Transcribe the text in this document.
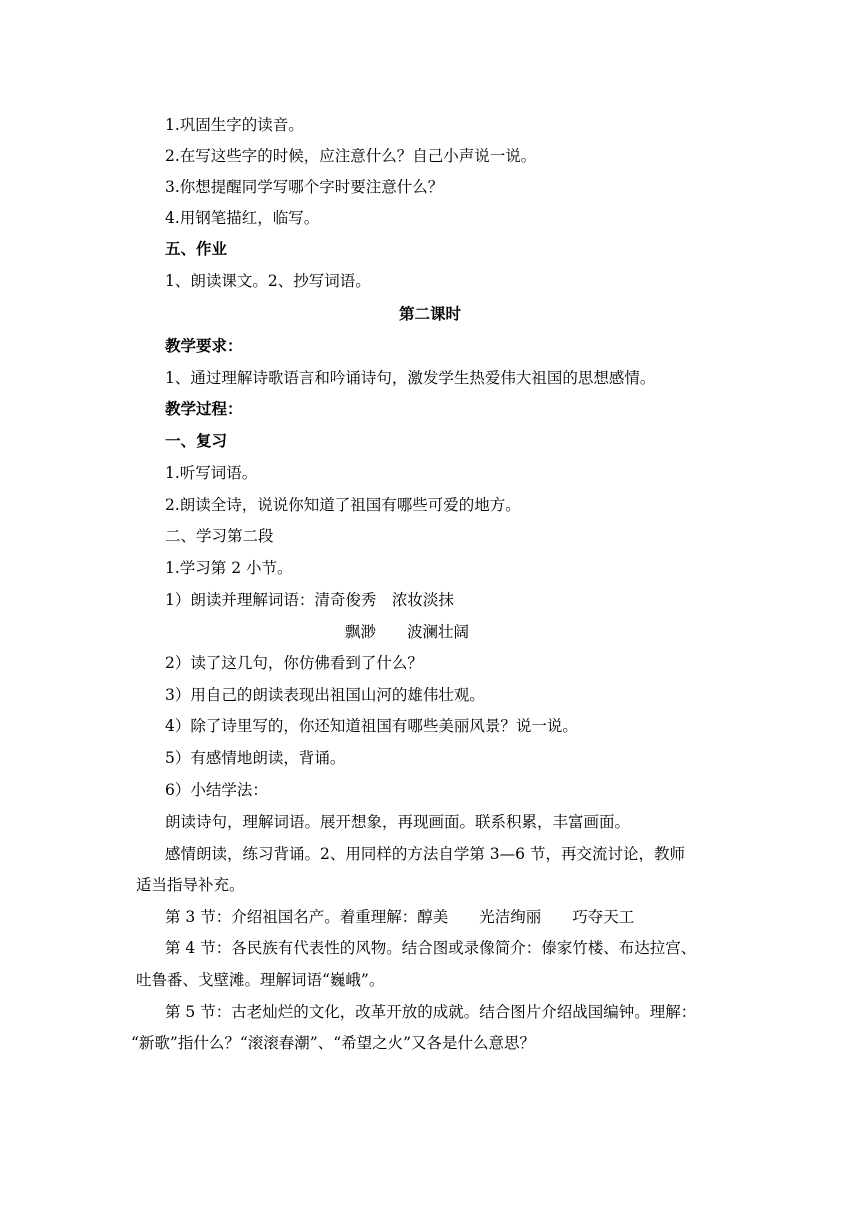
1.巩固生字的读音。
2.在写这些字的时候，应注意什么？自己小声说一说。
3.你想提醒同学写哪个字时要注意什么？
4.用钢笔描红，临写。
五、作业
1、朗读课文。2、抄写词语。
第二课时
教学要求：
1、通过理解诗歌语言和吟诵诗句，激发学生热爱伟大祖国的思想感情。
教学过程：
一、复习
1.听写词语。
2.朗读全诗，说说你知道了祖国有哪些可爱的地方。
二、学习第二段
1.学习第 2 小节。
1）朗读并理解词语：清奇俊秀　浓妆淡抹
飘渺　　波澜壮阔
2）读了这几句，你仿佛看到了什么？
3）用自己的朗读表现出祖国山河的雄伟壮观。
4）除了诗里写的，你还知道祖国有哪些美丽风景？说一说。
5）有感情地朗读，背诵。
6）小结学法：
朗读诗句，理解词语。展开想象，再现画面。联系积累，丰富画面。
感情朗读，练习背诵。2、用同样的方法自学第 3—6 节，再交流讨论，教师
适当指导补充。
第 3 节：介绍祖国名产。着重理解：醇美　　光洁绚丽　　巧夺天工
第 4 节：各民族有代表性的风物。结合图或录像简介：傣家竹楼、布达拉宫、
吐鲁番、戈壁滩。理解词语“巍峨”。
第 5 节：古老灿烂的文化，改革开放的成就。结合图片介绍战国编钟。理解：
“新歌”指什么？“滚滚春潮”、“希望之火”又各是什么意思？
